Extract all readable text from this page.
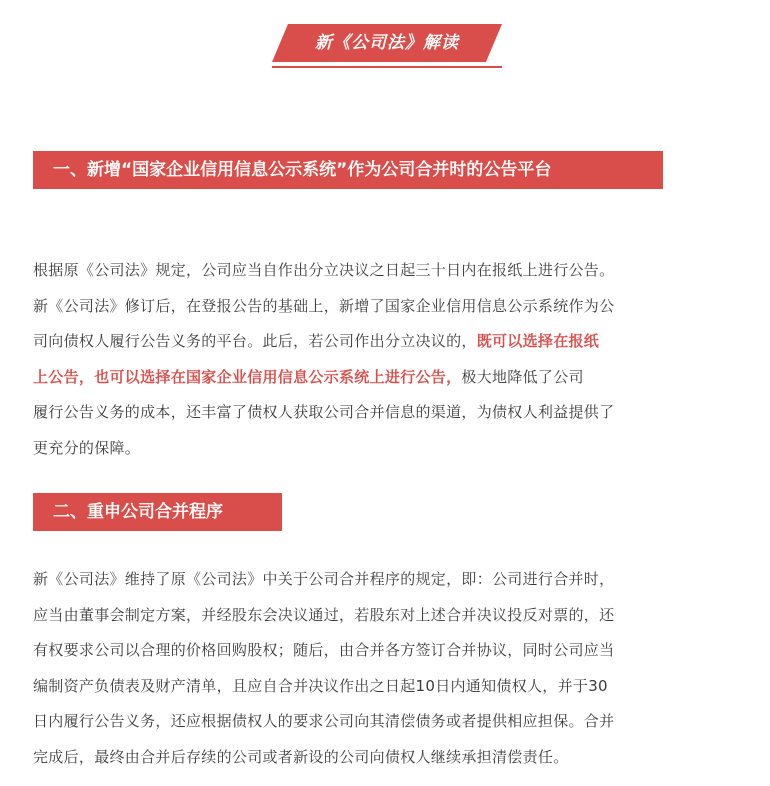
新《公司法》解读
一、新增“国家企业信用信息公示系统”作为公司合并时的公告平台
根据原《公司法》规定，公司应当自作出分立决议之日起三十日内在报纸上进行公告。
新《公司法》修订后，在登报公告的基础上，新增了国家企业信用信息公示系统作为公
司向债权人履行公告义务的平台。此后，若公司作出分立决议的，既可以选择在报纸
上公告，也可以选择在国家企业信用信息公示系统上进行公告，极大地降低了公司
履行公告义务的成本，还丰富了债权人获取公司合并信息的渠道，为债权人利益提供了
更充分的保障。
二、重申公司合并程序
新《公司法》维持了原《公司法》中关于公司合并程序的规定，即：公司进行合并时，
应当由董事会制定方案，并经股东会决议通过，若股东对上述合并决议投反对票的，还
有权要求公司以合理的价格回购股权；随后，由合并各方签订合并协议，同时公司应当
编制资产负债表及财产清单，且应自合并决议作出之日起10日内通知债权人，并于30
日内履行公告义务，还应根据债权人的要求公司向其清偿债务或者提供相应担保。合并
完成后，最终由合并后存续的公司或者新设的公司向债权人继续承担清偿责任。
